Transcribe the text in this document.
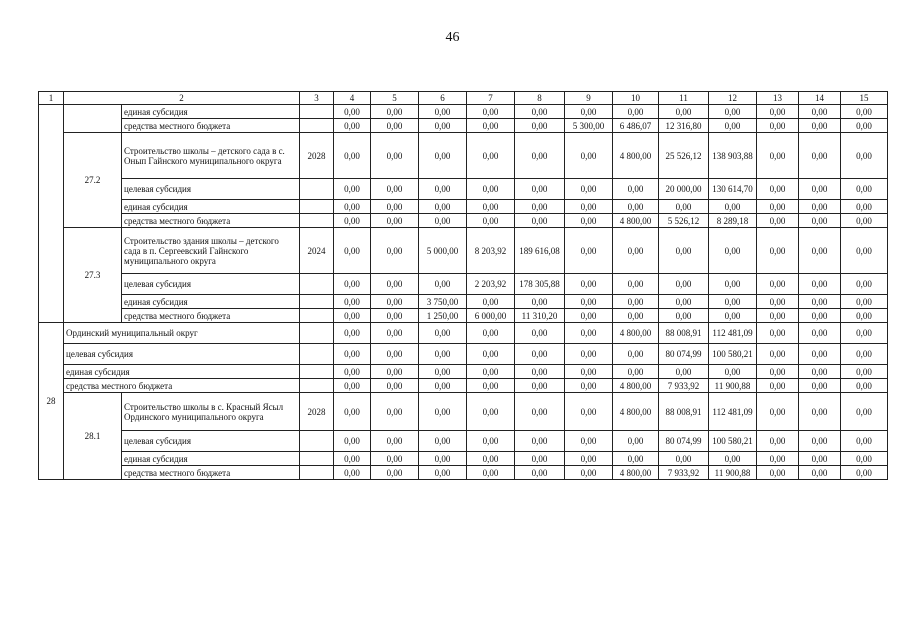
46
1	2		3	4	5	6	7	8	9	10	11	12	13	14	15
		единая субсидия		0,00	0,00	0,00	0,00	0,00	0,00	0,00	0,00	0,00	0,00	0,00	0,00
		средства местного бюджета		0,00	0,00	0,00	0,00	0,00	5 300,00	6 486,07	12 316,80	0,00	0,00	0,00	0,00
	27.2	Строительство школы – детского сада в с. Онып Гайнского муниципального округа	2028	0,00	0,00	0,00	0,00	0,00	0,00	4 800,00	25 526,12	138 903,88	0,00	0,00	0,00
		целевая субсидия		0,00	0,00	0,00	0,00	0,00	0,00	0,00	20 000,00	130 614,70	0,00	0,00	0,00
		единая субсидия		0,00	0,00	0,00	0,00	0,00	0,00	0,00	0,00	0,00	0,00	0,00	0,00
		средства местного бюджета		0,00	0,00	0,00	0,00	0,00	0,00	4 800,00	5 526,12	8 289,18	0,00	0,00	0,00
	27.3	Строительство здания школы – детского сада в п. Сергеевский Гайнского муниципального округа	2024	0,00	0,00	5 000,00	8 203,92	189 616,08	0,00	0,00	0,00	0,00	0,00	0,00	0,00
		целевая субсидия		0,00	0,00	0,00	2 203,92	178 305,88	0,00	0,00	0,00	0,00	0,00	0,00	0,00
		единая субсидия		0,00	0,00	3 750,00	0,00	0,00	0,00	0,00	0,00	0,00	0,00	0,00	0,00
		средства местного бюджета		0,00	0,00	1 250,00	6 000,00	11 310,20	0,00	0,00	0,00	0,00	0,00	0,00	0,00
28	Ординский муниципальный округ			0,00	0,00	0,00	0,00	0,00	0,00	4 800,00	88 008,91	112 481,09	0,00	0,00	0,00
	целевая субсидия			0,00	0,00	0,00	0,00	0,00	0,00	0,00	80 074,99	100 580,21	0,00	0,00	0,00
	единая субсидия			0,00	0,00	0,00	0,00	0,00	0,00	0,00	0,00	0,00	0,00	0,00	0,00
	средства местного бюджета			0,00	0,00	0,00	0,00	0,00	0,00	4 800,00	7 933,92	11 900,88	0,00	0,00	0,00
	28.1	Строительство школы в с. Красный Ясыл Ординского муниципального округа	2028	0,00	0,00	0,00	0,00	0,00	0,00	4 800,00	88 008,91	112 481,09	0,00	0,00	0,00
		целевая субсидия		0,00	0,00	0,00	0,00	0,00	0,00	0,00	80 074,99	100 580,21	0,00	0,00	0,00
		единая субсидия		0,00	0,00	0,00	0,00	0,00	0,00	0,00	0,00	0,00	0,00	0,00	0,00
		средства местного бюджета		0,00	0,00	0,00	0,00	0,00	0,00	4 800,00	7 933,92	11 900,88	0,00	0,00	0,00
